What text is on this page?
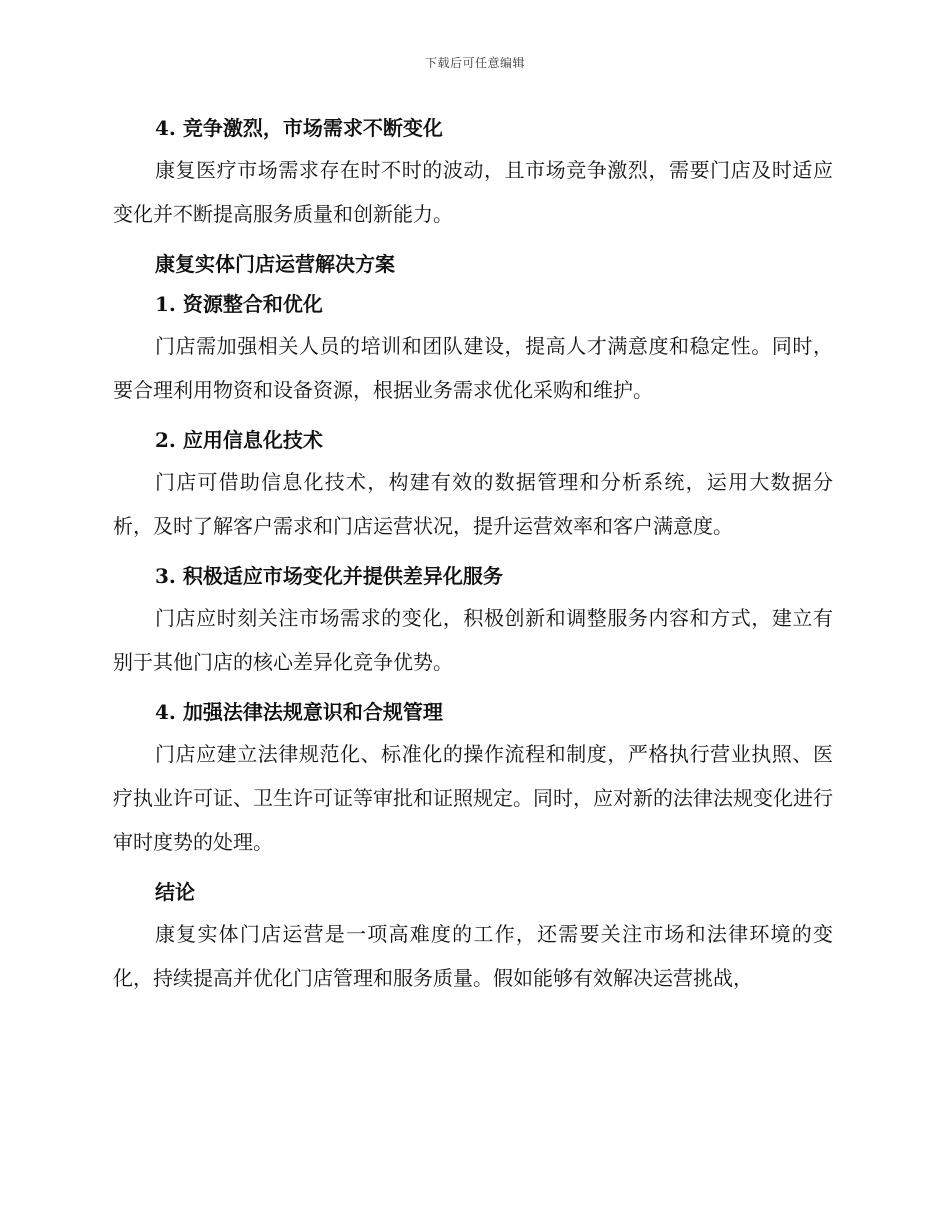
下载后可任意编辑
4. 竞争激烈，市场需求不断变化

康复医疗市场需求存在时不时的波动，且市场竞争激烈，需要门店及时适应变化并不断提高服务质量和创新能力。

康复实体门店运营解决方案
1. 资源整合和优化

门店需加强相关人员的培训和团队建设，提高人才满意度和稳定性。同时，要合理利用物资和设备资源，根据业务需求优化采购和维护。

2. 应用信息化技术

门店可借助信息化技术，构建有效的数据管理和分析系统，运用大数据分析，及时了解客户需求和门店运营状况，提升运营效率和客户满意度。

3. 积极适应市场变化并提供差异化服务

门店应时刻关注市场需求的变化，积极创新和调整服务内容和方式，建立有别于其他门店的核心差异化竞争优势。

4. 加强法律法规意识和合规管理

门店应建立法律规范化、标准化的操作流程和制度，严格执行营业执照、医疗执业许可证、卫生许可证等审批和证照规定。同时，应对新的法律法规变化进行审时度势的处理。

结论

康复实体门店运营是一项高难度的工作，还需要关注市场和法律环境的变化，持续提高并优化门店管理和服务质量。假如能够有效解决运营挑战，
